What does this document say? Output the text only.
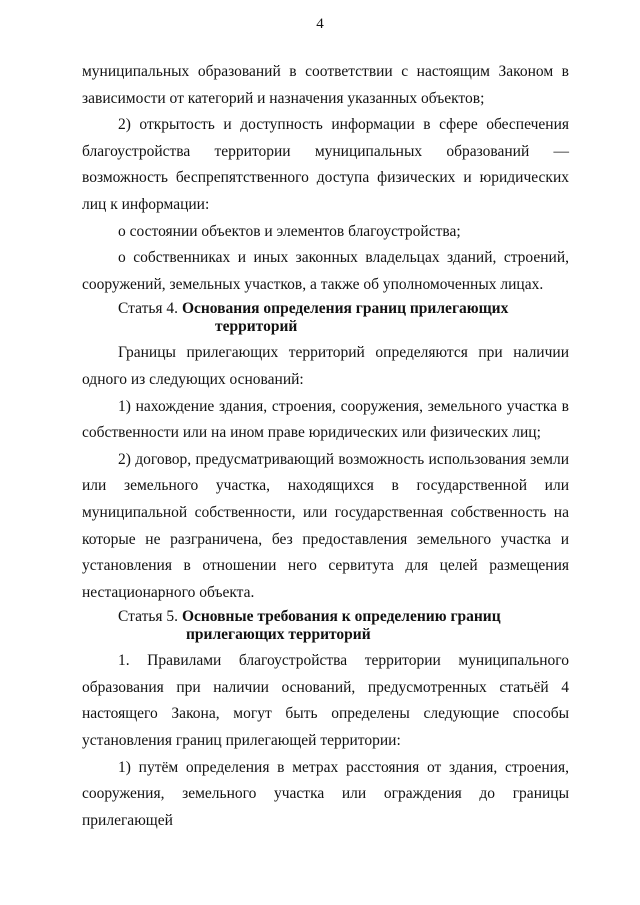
4

муниципальных образований в соответствии с настоящим Законом в зависимости от категорий и назначения указанных объектов;

2) открытость и доступность информации в сфере обеспечения благоустройства территории муниципальных образований — возможность беспрепятственного доступа физических и юридических лиц к информации:

о состоянии объектов и элементов благоустройства;

о собственниках и иных законных владельцах зданий, строений, сооружений, земельных участков, а также об уполномоченных лицах.

Статья 4. Основания определения границ прилегающих
территорий

Границы прилегающих территорий определяются при наличии одного из следующих оснований:

1) нахождение здания, строения, сооружения, земельного участка в собственности или на ином праве юридических или физических лиц;

2) договор, предусматривающий возможность использования земли или земельного участка, находящихся в государственной или муниципальной собственности, или государственная собственность на которые не разграничена, без предоставления земельного участка и установления в отношении него сервитута для целей размещения нестационарного объекта.

Статья 5. Основные требования к определению границ
прилегающих территорий

1. Правилами благоустройства территории муниципального образования при наличии оснований, предусмотренных статьёй 4 настоящего Закона, могут быть определены следующие способы установления границ прилегающей территории:

1) путём определения в метрах расстояния от здания, строения, сооружения, земельного участка или ограждения до границы прилегающей
